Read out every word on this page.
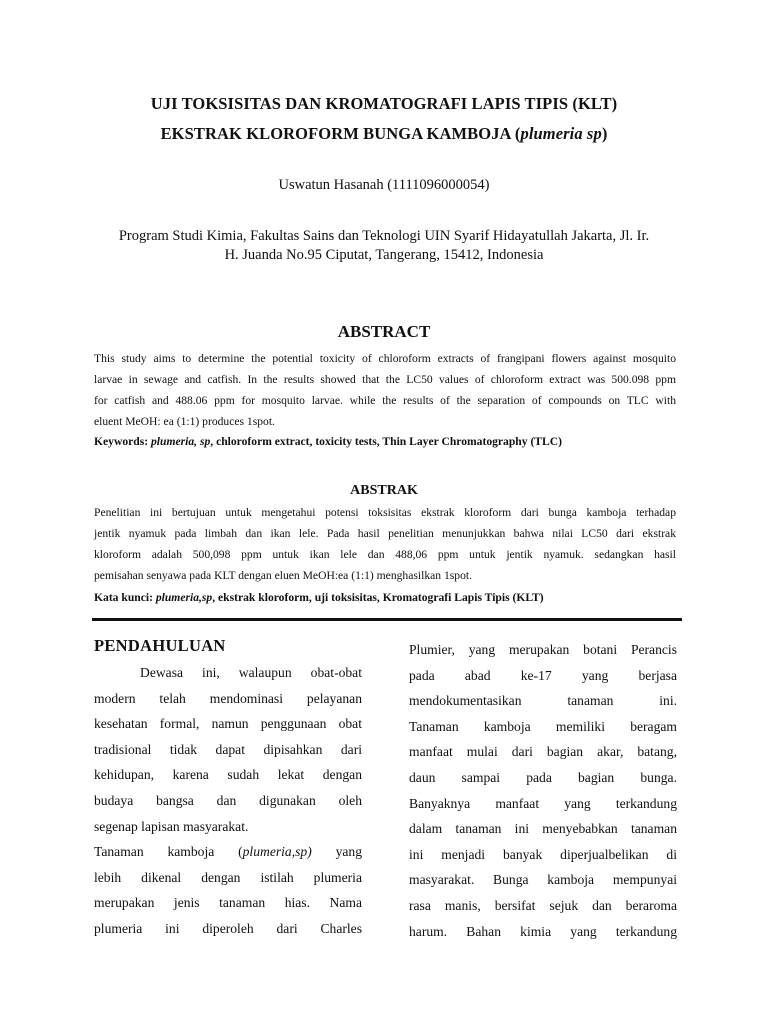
UJI TOKSISITAS DAN KROMATOGRAFI LAPIS TIPIS (KLT)
EKSTRAK KLOROFORM BUNGA KAMBOJA (plumeria sp)
Uswatun Hasanah (1111096000054)
Program Studi Kimia, Fakultas Sains dan Teknologi UIN Syarif Hidayatullah Jakarta, Jl. Ir.
H. Juanda No.95 Ciputat, Tangerang, 15412, Indonesia
ABSTRACT
This study aims to determine the potential toxicity of chloroform extracts of frangipani flowers against mosquito
larvae in sewage and catfish. In the results showed that the LC50 values of chloroform extract was 500.098 ppm
for catfish and 488.06 ppm for mosquito larvae. while the results of the separation of compounds on TLC with
eluent MeOH: ea (1:1) produces 1spot.
Keywords: plumeria, sp, chloroform extract, toxicity tests, Thin Layer Chromatography (TLC)
ABSTRAK
Penelitian ini bertujuan untuk mengetahui potensi toksisitas ekstrak kloroform dari bunga kamboja terhadap
jentik nyamuk pada limbah dan ikan lele. Pada hasil penelitian menunjukkan bahwa nilai LC50 dari ekstrak
kloroform adalah 500,098 ppm untuk ikan lele dan 488,06 ppm untuk jentik nyamuk. sedangkan hasil
pemisahan senyawa pada KLT dengan eluen MeOH:ea (1:1) menghasilkan 1spot.
Kata kunci: plumeria,sp, ekstrak kloroform, uji toksisitas, Kromatografi Lapis Tipis (KLT)
PENDAHULUAN
Dewasa ini, walaupun obat-obat
modern telah mendominasi pelayanan
kesehatan formal, namun penggunaan obat
tradisional tidak dapat dipisahkan dari
kehidupan, karena sudah lekat dengan
budaya bangsa dan digunakan oleh
segenap lapisan masyarakat.
Tanaman kamboja (plumeria,sp) yang
lebih dikenal dengan istilah plumeria
merupakan jenis tanaman hias. Nama
plumeria ini diperoleh dari Charles
Plumier, yang merupakan botani Perancis
pada abad ke-17 yang berjasa
mendokumentasikan tanaman ini.
Tanaman kamboja memiliki beragam
manfaat mulai dari bagian akar, batang,
daun sampai pada bagian bunga.
Banyaknya manfaat yang terkandung
dalam tanaman ini menyebabkan tanaman
ini menjadi banyak diperjualbelikan di
masyarakat. Bunga kamboja mempunyai
rasa manis, bersifat sejuk dan beraroma
harum. Bahan kimia yang terkandung
